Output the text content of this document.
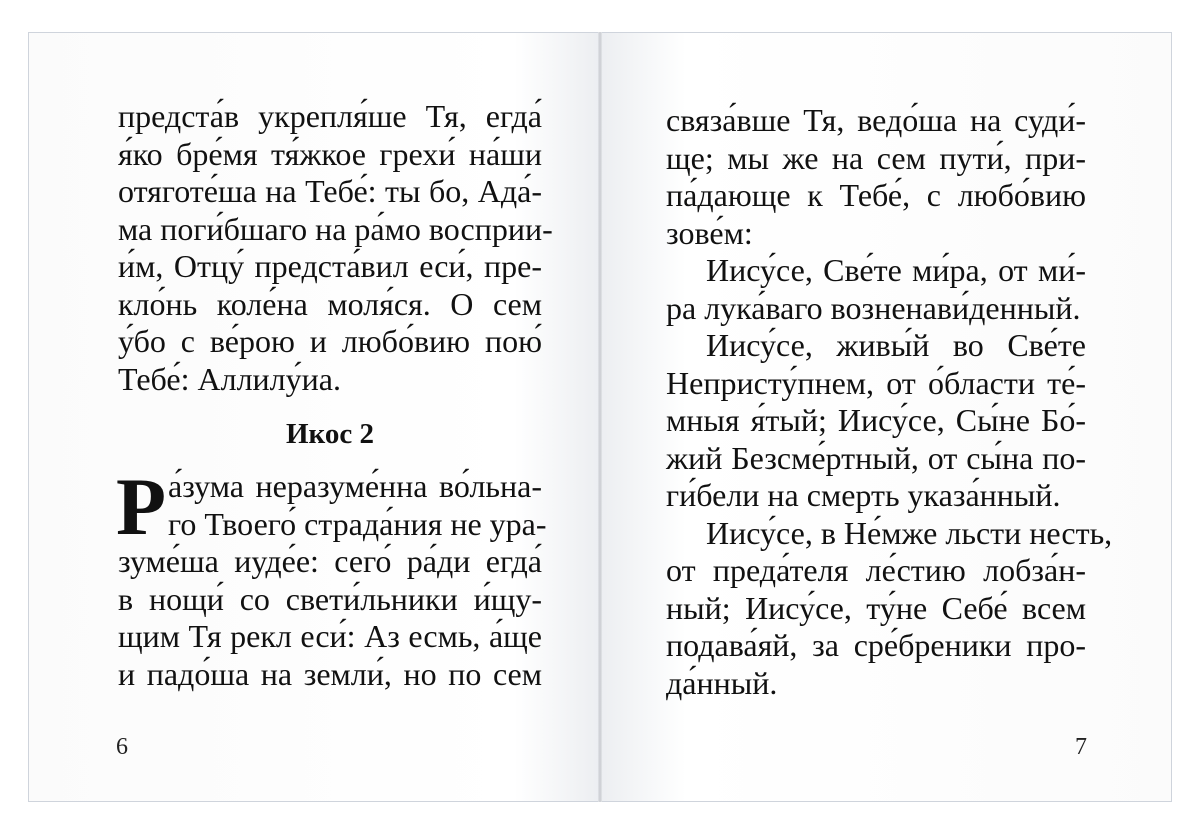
предста́в укрепля́ше Тя, егда́
я́ко бре́мя тя́жкое грехи́ на́ши
отяготе́ша на Тебе́: ты бо, Ада́-
ма поги́бшаго на ра́мо восприи-
и́м, Отцу́ предста́вил еси́, пре-
кло́нь коле́на моля́ся. О сем
у́бо с ве́рою и любо́вию пою́
Тебе́: Аллилу́иа.
Икос 2
Р а́зума неразуме́нна во́льна-
го Твоего́ страда́ния не ура-
зуме́ша иуде́е: сего́ ра́ди егда́
в нощи́ со свети́льники и́щу-
щим Тя рекл еси́: Аз есмь, а́ще
и падо́ша на земли́, но по сем
6
связа́вше Тя, ведо́ша на суди́-
ще; мы же на сем пути́, при-
па́дающе к Тебе́, с любо́вию
зове́м:
Иису́се, Све́те ми́ра, от ми́-
ра лука́ваго возненави́денный.
Иису́се, живы́й во Све́те
Непристу́пнем, от о́бласти те́-
мныя я́тый; Иису́се, Сы́не Бо́-
жий Безсме́ртный, от сы́на по-
ги́бели на смерть указа́нный.
Иису́се, в Не́мже льсти несть,
от преда́теля ле́стию лобза́н-
ный; Иису́се, ту́не Себе́ всем
подава́яй, за сре́бреники про-
да́нный.
7
